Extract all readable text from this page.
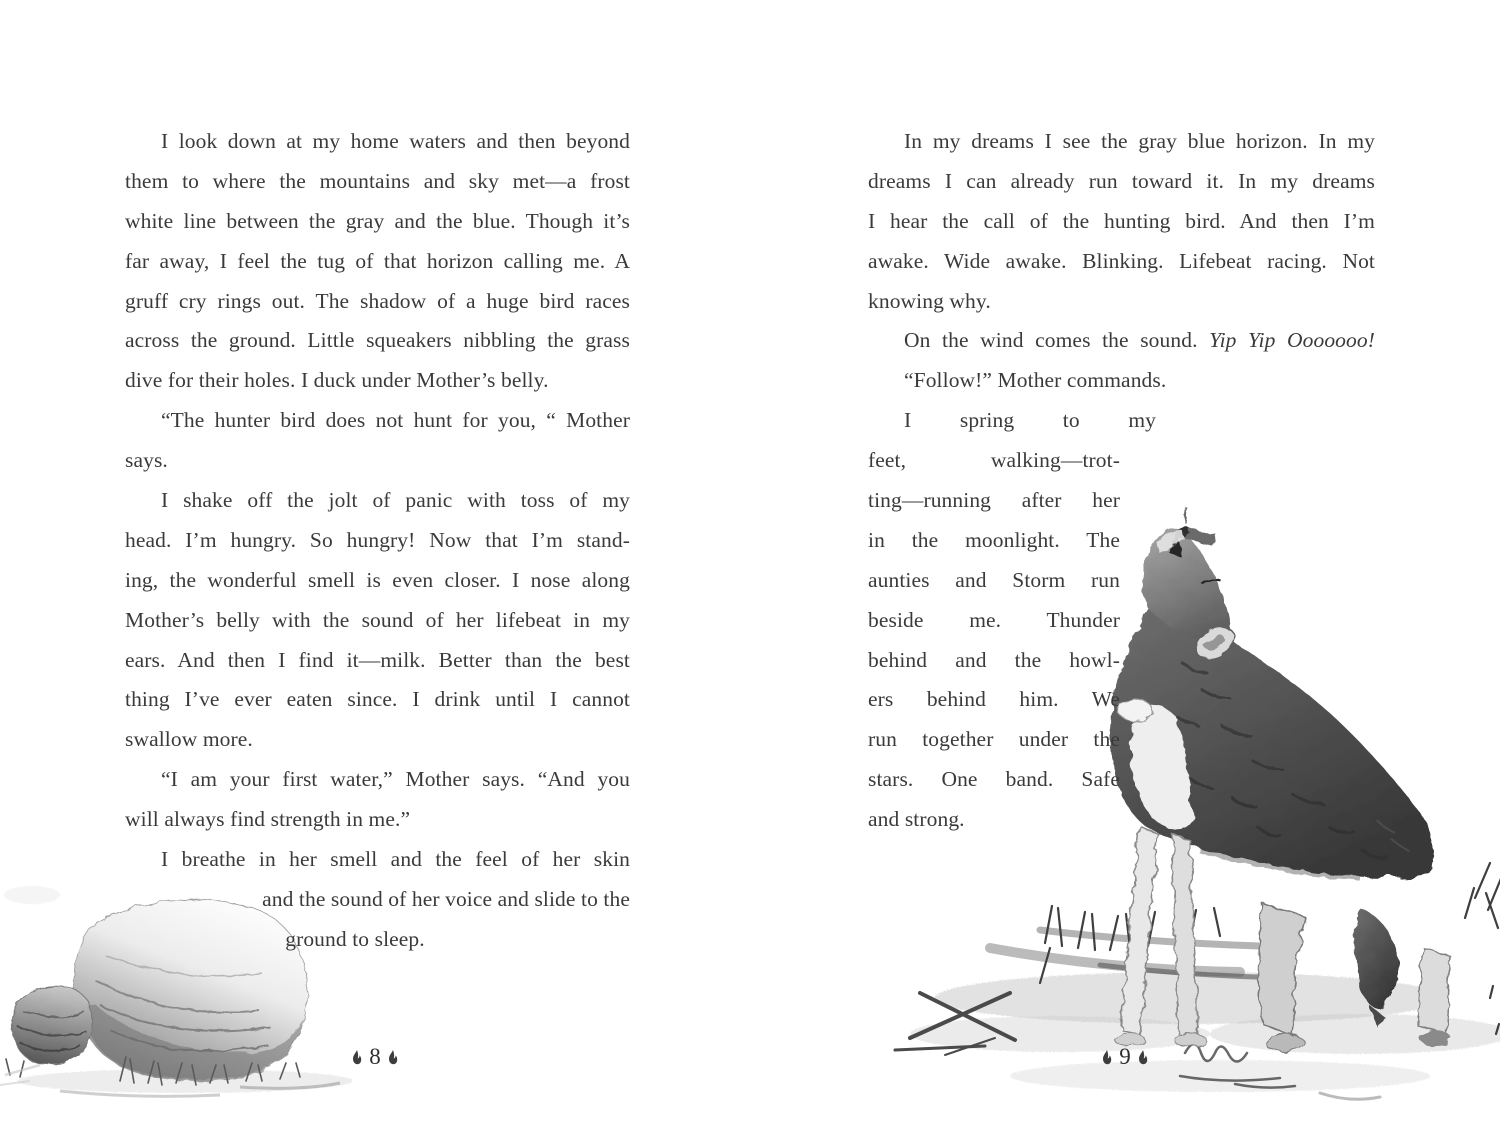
I look down at my home waters and then beyond
them to where the mountains and sky met—a frost
white line between the gray and the blue. Though it’s
far away, I feel the tug of that horizon calling me. A
gruff cry rings out. The shadow of a huge bird races
across the ground. Little squeakers nibbling the grass
dive for their holes. I duck under Mother’s belly.
“The hunter bird does not hunt for you, “ Mother
says.
I shake off the jolt of panic with toss of my
head. I’m hungry. So hungry! Now that I’m stand-
ing, the wonderful smell is even closer. I nose along
Mother’s belly with the sound of her lifebeat in my
ears. And then I find it—milk. Better than the best
thing I’ve ever eaten since. I drink until I cannot
swallow more.
“I am your first water,” Mother says. “And you
will always find strength in me.”
I breathe in her smell and the feel of her skin
and the sound of her voice and slide to the
ground to sleep.
8
In my dreams I see the gray blue horizon. In my
dreams I can already run toward it. In my dreams
I hear the call of the hunting bird. And then I’m
awake. Wide awake. Blinking. Lifebeat racing. Not
knowing why.
On the wind comes the sound. Yip Yip Ooooooo!
“Follow!” Mother commands.
I spring to my
feet, walking—trot-
ting—running after her
in the moonlight. The
aunties and Storm run
beside me. Thunder
behind and the howl-
ers behind him. We
run together under the
stars. One band. Safe
and strong.
9
